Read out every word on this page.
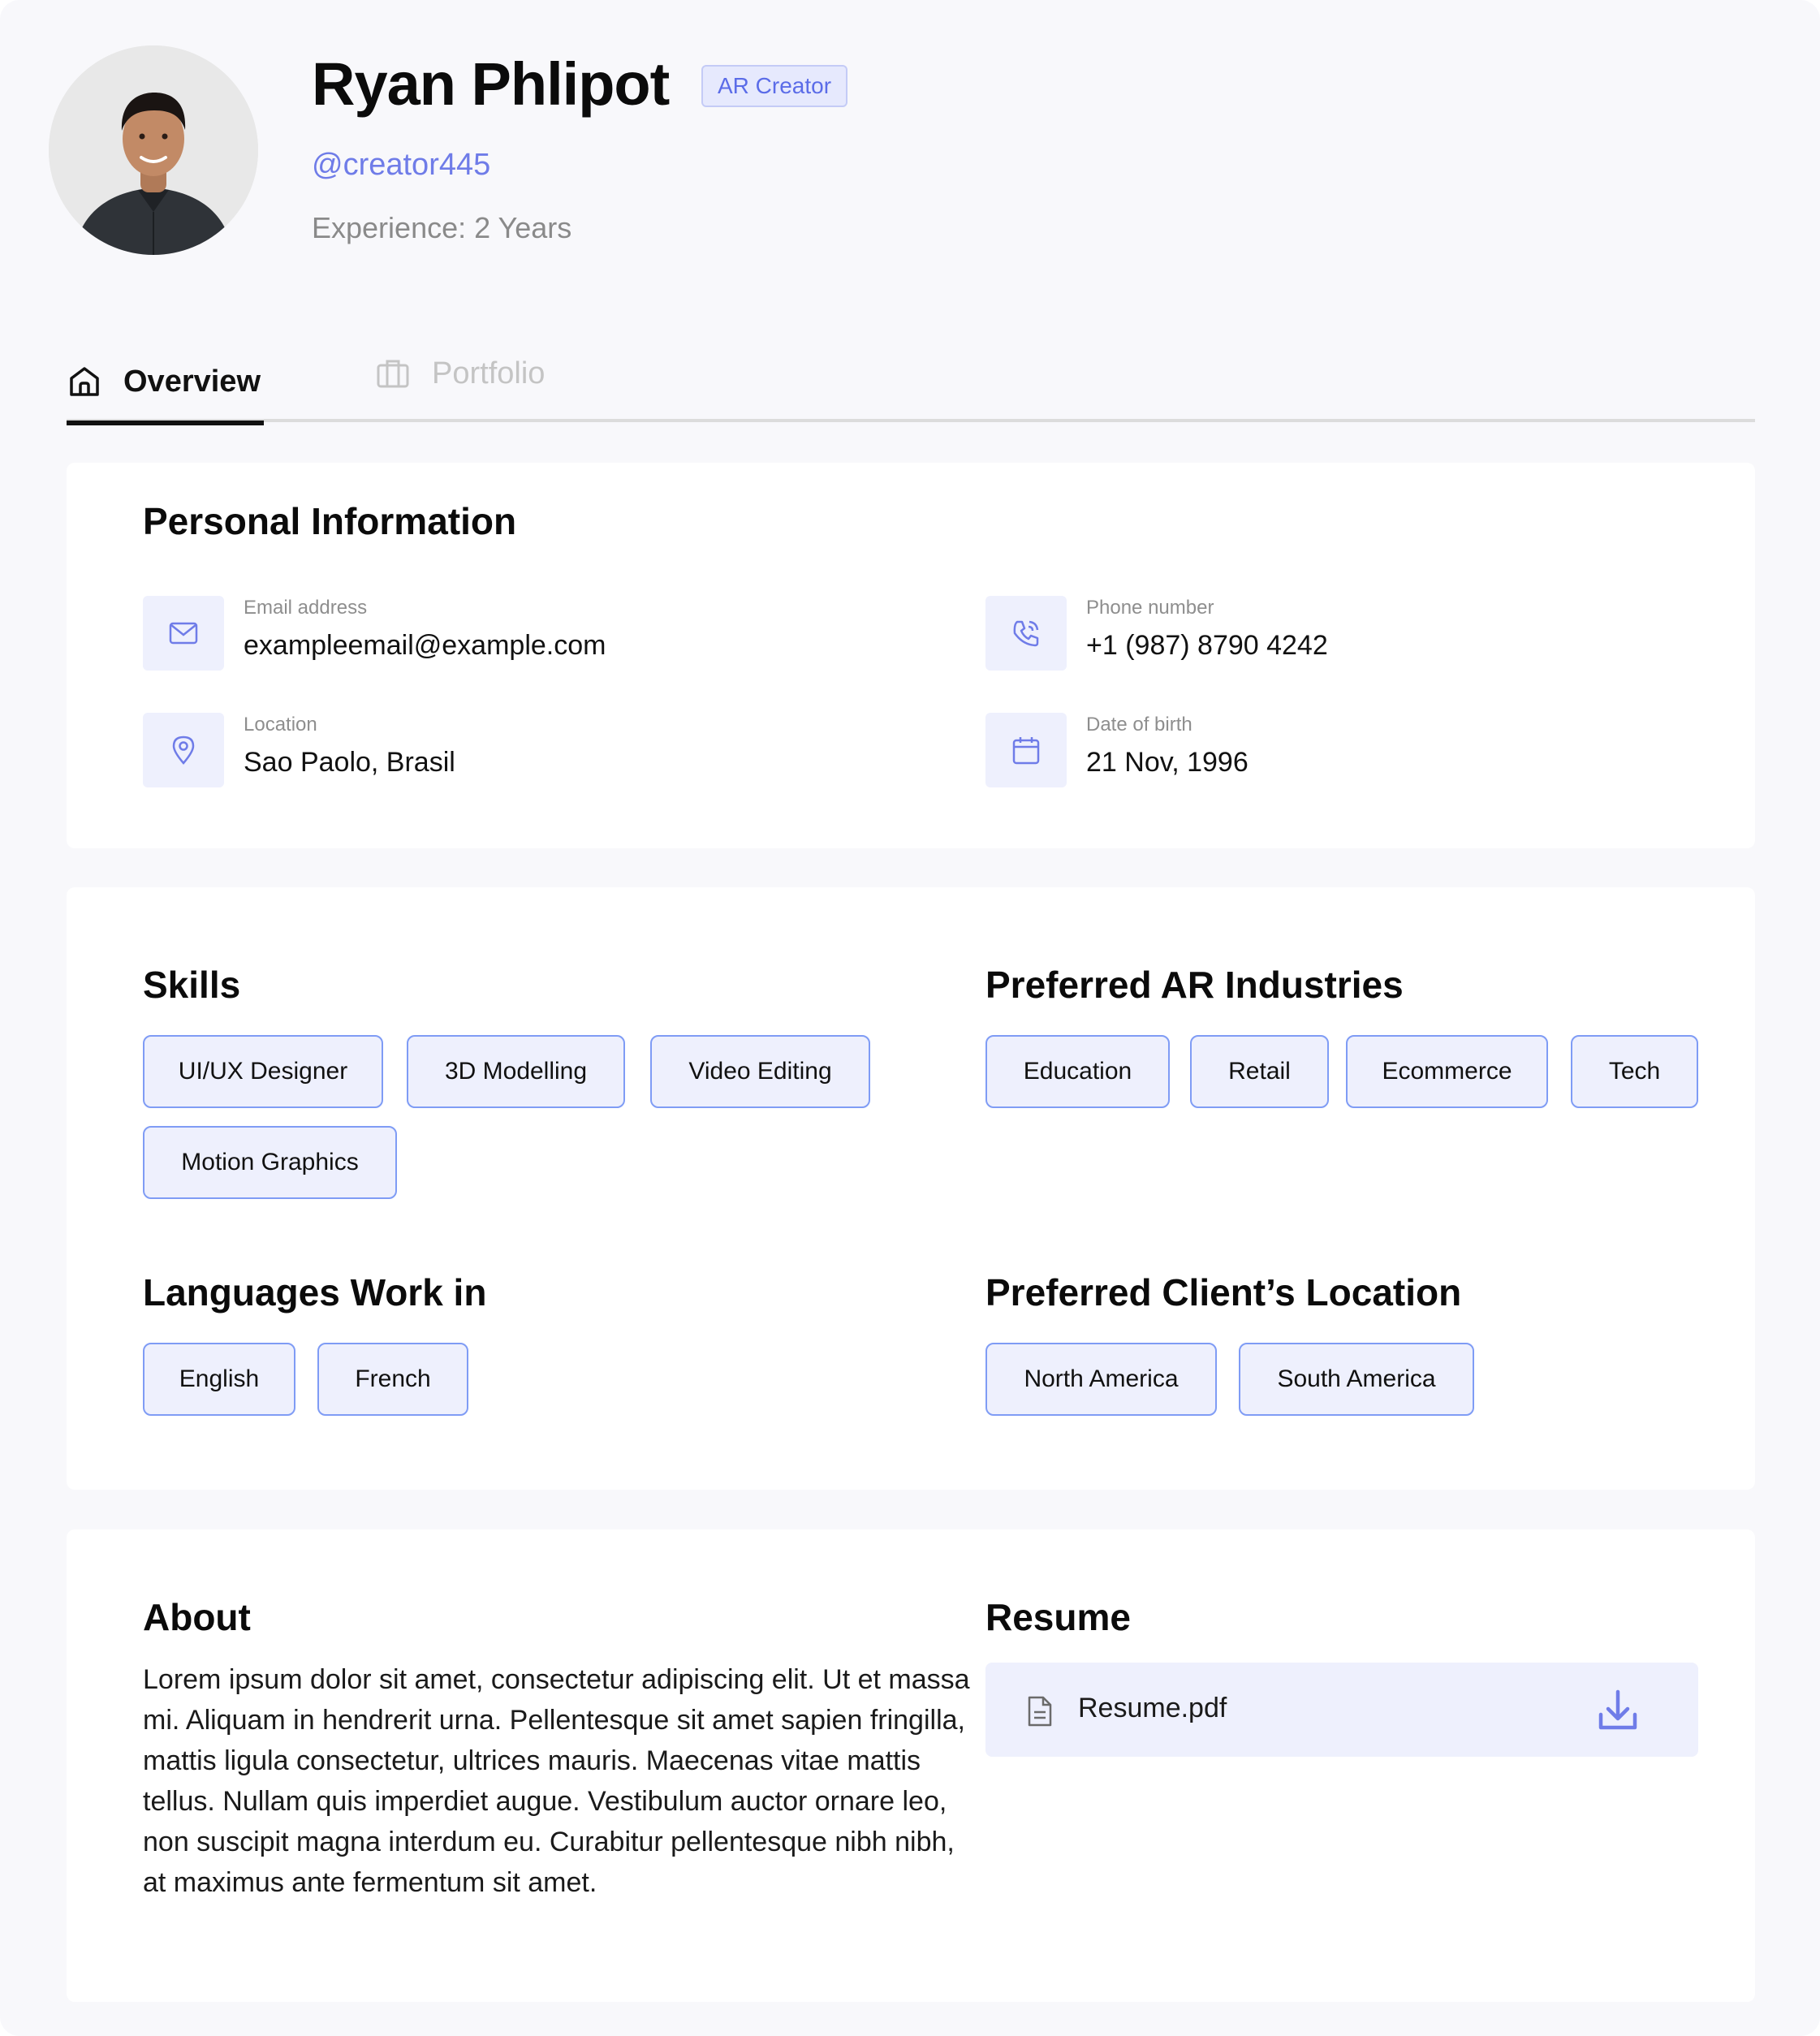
Ryan Phlipot	AR Creator
@creator445
Experience: 2 Years
Overview	Portfolio
Personal Information
Email address
exampleemail@example.com
Phone number
+1 (987) 8790 4242
Location
Sao Paolo, Brasil
Date of birth
21 Nov, 1996
Skills
UI/UX Designer	3D Modelling	Video Editing
Motion Graphics
Preferred AR Industries
Education	Retail	Ecommerce	Tech
Languages Work in
English	French
Preferred Client’s Location
North America	South America
About
Lorem ipsum dolor sit amet, consectetur adipiscing elit. Ut et massa mi. Aliquam in hendrerit urna. Pellentesque sit amet sapien fringilla, mattis ligula consectetur, ultrices mauris. Maecenas vitae mattis tellus. Nullam quis imperdiet augue. Vestibulum auctor ornare leo, non suscipit magna interdum eu. Curabitur pellentesque nibh nibh, at maximus ante fermentum sit amet.
Resume
Resume.pdf
